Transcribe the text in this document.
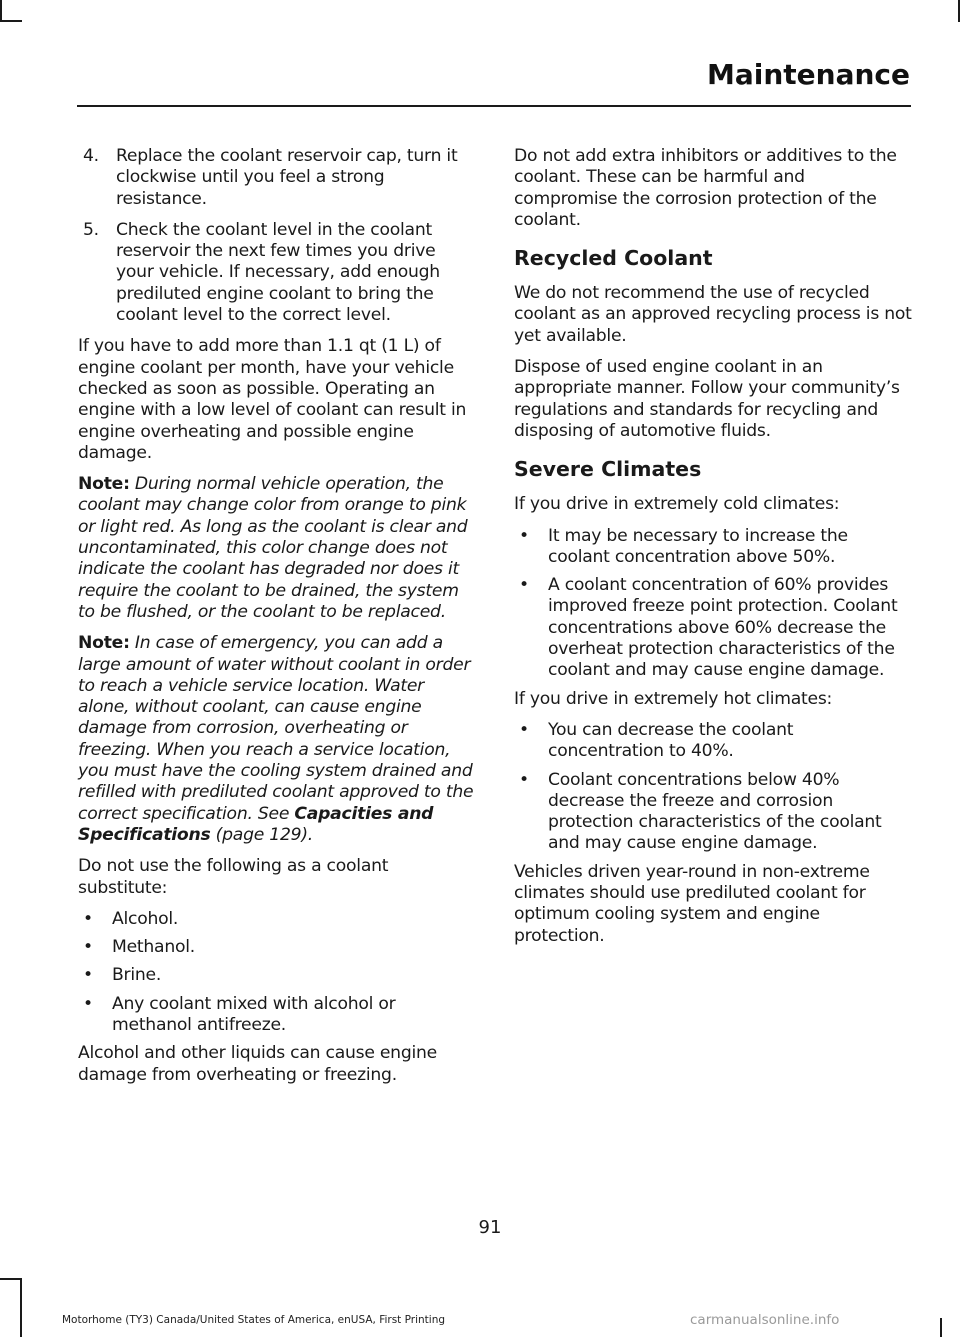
Maintenance
4. Replace the coolant reservoir cap, turn it clockwise until you feel a strong resistance.
5. Check the coolant level in the coolant reservoir the next few times you drive your vehicle. If necessary, add enough prediluted engine coolant to bring the coolant level to the correct level.

If you have to add more than 1.1 qt (1 L) of engine coolant per month, have your vehicle checked as soon as possible. Operating an engine with a low level of coolant can result in engine overheating and possible engine damage.

Note: During normal vehicle operation, the coolant may change color from orange to pink or light red. As long as the coolant is clear and uncontaminated, this color change does not indicate the coolant has degraded nor does it require the coolant to be drained, the system to be flushed, or the coolant to be replaced.

Note: In case of emergency, you can add a large amount of water without coolant in order to reach a vehicle service location. Water alone, without coolant, can cause engine damage from corrosion, overheating or freezing. When you reach a service location, you must have the cooling system drained and refilled with prediluted coolant approved to the correct specification. See Capacities and Specifications (page 129).

Do not use the following as a coolant substitute:

• Alcohol.
• Methanol.
• Brine.
• Any coolant mixed with alcohol or methanol antifreeze.

Alcohol and other liquids can cause engine damage from overheating or freezing.

Do not add extra inhibitors or additives to the coolant. These can be harmful and compromise the corrosion protection of the coolant.

Recycled Coolant

We do not recommend the use of recycled coolant as an approved recycling process is not yet available.

Dispose of used engine coolant in an appropriate manner. Follow your community’s regulations and standards for recycling and disposing of automotive fluids.

Severe Climates

If you drive in extremely cold climates:

• It may be necessary to increase the coolant concentration above 50%.
• A coolant concentration of 60% provides improved freeze point protection. Coolant concentrations above 60% decrease the overheat protection characteristics of the coolant and may cause engine damage.

If you drive in extremely hot climates:

• You can decrease the coolant concentration to 40%.
• Coolant concentrations below 40% decrease the freeze and corrosion protection characteristics of the coolant and may cause engine damage.

Vehicles driven year-round in non-extreme climates should use prediluted coolant for optimum cooling system and engine protection.

91
Motorhome (TY3) Canada/United States of America, enUSA, First Printing	carmanualsonline.info
